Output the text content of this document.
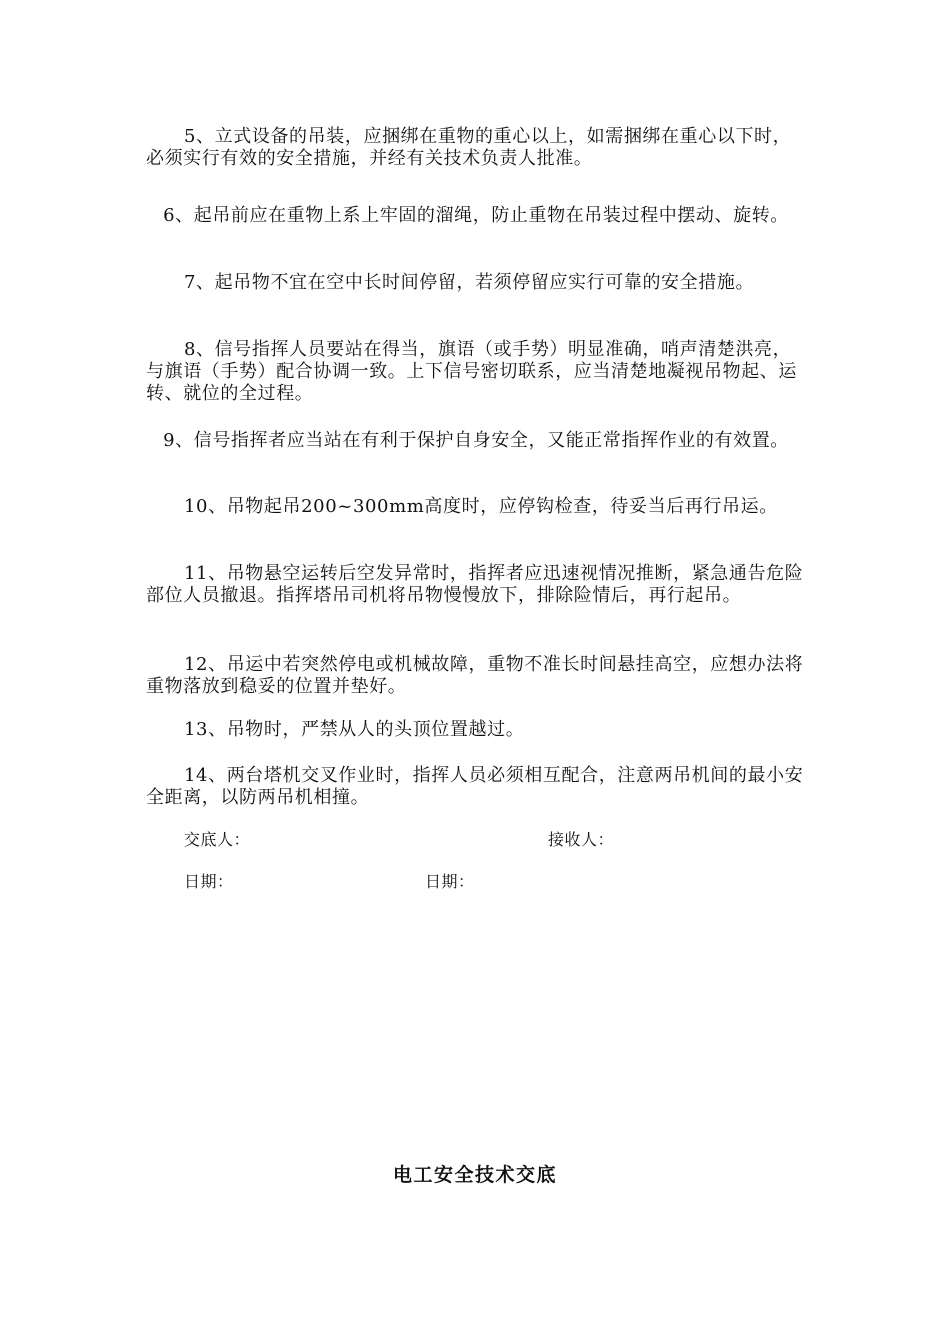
5、立式设备的吊装，应捆绑在重物的重心以上，如需捆绑在重心以下时，必须实行有效的安全措施，并经有关技术负责人批准。

6、起吊前应在重物上系上牢固的溜绳，防止重物在吊装过程中摆动、旋转。

7、起吊物不宜在空中长时间停留，若须停留应实行可靠的安全措施。

8、信号指挥人员要站在得当，旗语（或手势）明显准确，哨声清楚洪亮，与旗语（手势）配合协调一致。上下信号密切联系，应当清楚地凝视吊物起、运转、就位的全过程。

9、信号指挥者应当站在有利于保护自身安全，又能正常指挥作业的有效置。

10、吊物起吊200~300mm高度时，应停钩检查，待妥当后再行吊运。

11、吊物悬空运转后空发异常时，指挥者应迅速视情况推断，紧急通告危险部位人员撤退。指挥塔吊司机将吊物慢慢放下，排除险情后，再行起吊。

12、吊运中若突然停电或机械故障，重物不准长时间悬挂高空，应想办法将重物落放到稳妥的位置并垫好。

13、吊物时，严禁从人的头顶位置越过。

14、两台塔机交叉作业时，指挥人员必须相互配合，注意两吊机间的最小安全距离，以防两吊机相撞。

交底人：	接收人：
日期：	日期：
电工安全技术交底
